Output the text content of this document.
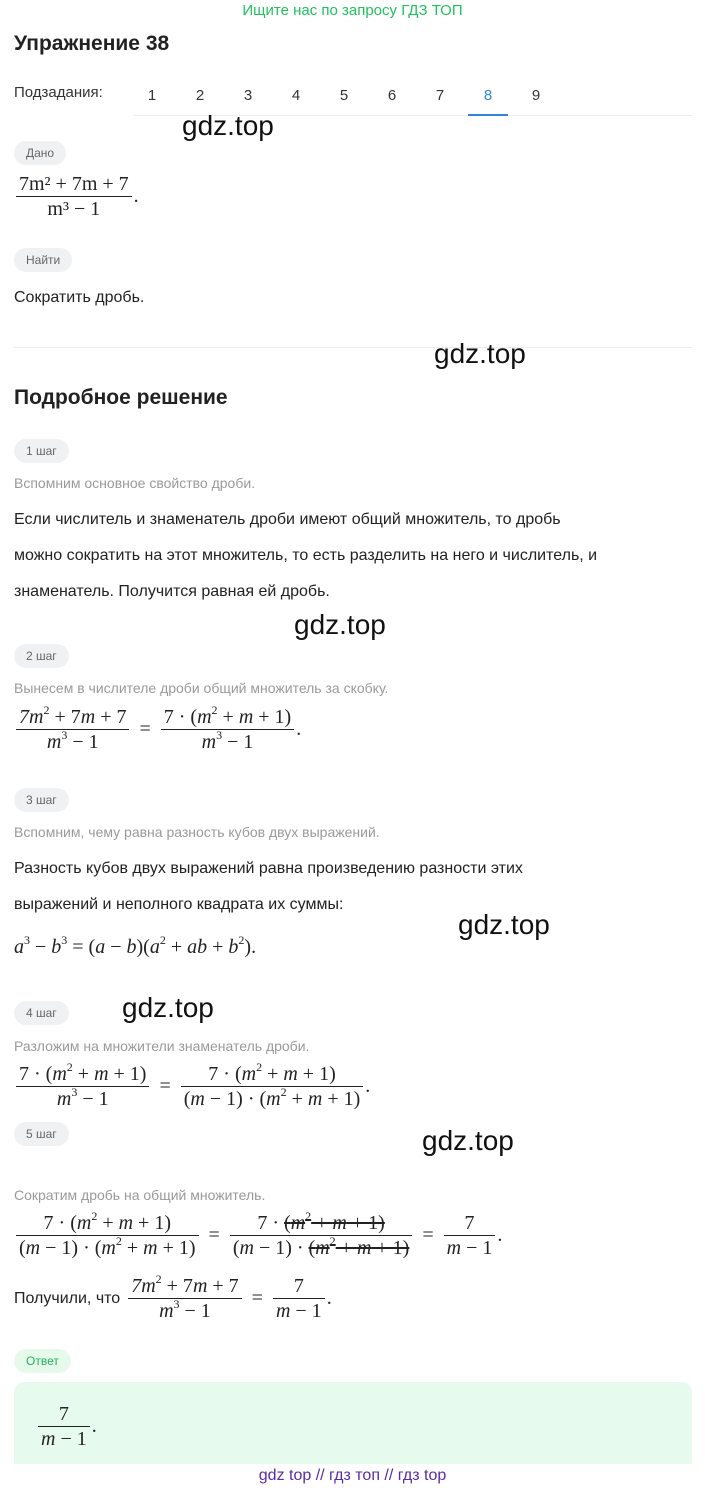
Ищите нас по запросу ГДЗ ТОП
Упражнение 38
Подзадания:	1	2	3	4	5	6	7	8	9
gdz.top
Дано
$\frac{\text{7m² + 7m + 7}}{\text{m³ − 1}}$ .
Найти
Сократить дробь.
gdz.top
Подробное решение
1 шаг
Вспомним основное свойство дроби.
Если числитель и знаменатель дроби имеют общий множитель, то дробь
можно сократить на этот множитель, то есть разделить на него и числитель, и
знаменатель. Получится равная ей дробь.
gdz.top
2 шаг
Вынесем в числителе дроби общий множитель за скобку.
$\frac{7m^2 + 7m + 7}{m^3 - 1} = \frac{7 \cdot (m^2 + m + 1)}{m^3 - 1}$ .
3 шаг
Вспомним, чему равна разность кубов двух выражений.
Разность кубов двух выражений равна произведению разности этих
выражений и неполного квадрата их суммы:
$a^3 - b^3 = (a - b)(a^2$ + ab + $b^2$).
gdz.top
4 шаг	gdz.top
Разложим на множители знаменатель дроби.
$\frac{7 \cdot (m^2 + m + 1)}{m^3 - 1} = \frac{7 \cdot (m^2 + m + 1)}{(m - 1) \cdot (m^2 + m + 1)}$ .
gdz.top
5 шаг
Сократим дробь на общий множитель.
$\frac{7 \cdot (m^2 + m + 1)}{(m - 1) \cdot (m^2 + m + 1)} = \frac{7 \cdot (m^2 + m + 1)}{(m - 1) \cdot (m^2 + m + 1)} = \frac{7}{m - 1}$ .
Получили, что $\frac{7m^2 + 7m + 7}{m^3 - 1} = \frac{7}{m - 1}$ .
Ответ
$\frac{7}{m - 1}$ .
gdz top // гдз топ // гдз top
